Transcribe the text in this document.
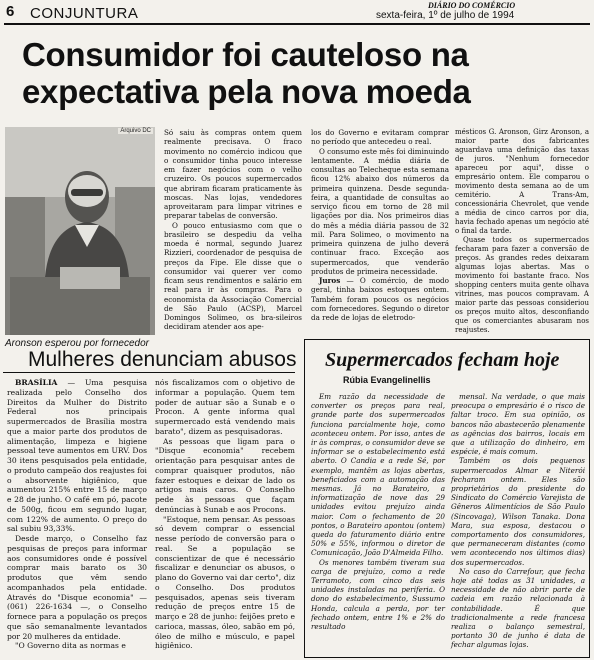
6 CONJUNTURA	DIÁRIO DO COMÉRCIO
sexta-feira, 1º de julho de 1994
Consumidor foi cauteloso na expectativa pela nova moeda
Arquivo DC
Aronson esperou por fornecedor

Só saiu às compras ontem quem realmente precisava. O fraco movimento no comércio indicou que o consumidor tinha pouco interesse em fazer negócios com o velho cruzeiro. Os poucos supermercados que abriram ficaram praticamente às moscas. Nas lojas, vendedores aproveitaram para limpar vitrines e preparar tabelas de conversão.

O pouco entusiasmo com que o brasileiro se despediu da velha moeda é normal, segundo Juarez Rizzieri, coordenador de pesquisa de preços da Fipe. Ele disse que o consumidor vai querer ver como ficam seus rendimentos e salário em real para ir às compras. Para o economista da Associação Comercial de São Paulo (ACSP), Marcel Domingos Solimeo, os bra-sileiros decidiram atender aos ape-

los do Governo e evitaram comprar no período que antecedeu o real.

O consumo este mês foi diminuindo lentamente. A média diária de consultas ao Telecheque esta semana ficou 12% abaixo dos números da primeira quinzena. Desde segunda-feira, a quantidade de consultas ao serviço ficou em torno de 28 mil ligações por dia. Nos primeiros dias do mês a média diária passou de 32 mil. Para Solimeo, o movimento na primeira quinzena de julho deverá continuar fraco. Exceção aos supermercados, que venderão produtos de primeira necessidade.

Juros — O comércio, de modo geral, tinha baixos estoques ontem. Também foram poucos os negócios com fornecedores. Segundo o diretor da rede de lojas de eletrodo-

mésticos G. Aronson, Girz Aronson, a maior parte dos fabricantes aguardava uma definição das taxas de juros. "Nenhum fornecedor apareceu por aqui", disse o empresário ontem. Ele comparou o movimento desta semana ao de um cemitério. A Trans-Am, concessionária Chevrolet, que vende a média de cinco carros por dia, havia fechado apenas um negócio até o final da tarde.

Quase todos os supermercados fecharam para fazer a conversão de preços. As grandes redes deixaram algumas lojas abertas. Mas o movimento foi bastante fraco. Nos shopping centers muita gente olhava vitrines, mas poucos compravam. A maior parte das pessoas consideriou os preços muito altos, desconfiando que os comerciantes abusaram nos reajustes.

Mulheres denunciam abusos

BRASÍLIA — Uma pesquisa realizada pelo Conselho dos Direitos da Mulher do Distrito Federal nos principais supermercados de Brasília mostra que a maior parte dos produtos de alimentação, limpeza e higiene pessoal teve aumentos em URV. Dos 30 itens pesquisados pela entidade, o produto campeão dos reajustes foi o absorvente higiênico, que aumentou 215% entre 15 de março e 28 de junho. O café em pó, pacote de 500g, ficou em segundo lugar, com 122% de aumento. O preço do sal subiu 93,33%.

Desde março, o Conselho faz pesquisas de preços para informar aos consumidores onde é possível comprar mais barato os 30 produtos que vêm sendo acompanhados pela entidade. Através do "Disque economia" — (061) 226-1634 —, o Conselho fornece para a população os preços que são semanalmente levantados por 20 mulheres da entidade.

"O Governo dita as normas e

nós fiscalizamos com o objetivo de informar a população. Quem tem poder de autuar são a Sunab e o Procon. A gente informa qual supermercado está vendendo mais barato", dizem as pesquisadoras.

As pessoas que ligam para o "Disque economia" recebem orientação para pesquisar antes de comprar quaisquer produtos, não fazer estoques e deixar de lado os artigos mais caros. O Conselho pede às pessoas que façam denúncias à Sunab e aos Procons.

"Estoque, nem pensar. As pessoas só devem comprar o essencial nesse período de conversão para o real. Se a população se conscientizar de que é necessário fiscalizar e denunciar os abusos, o plano do Governo vai dar certo", diz o Conselho. Dos produtos pesquisados, apenas seis tiveram redução de preços entre 15 de março e 28 de junho: feijões preto e carioca, massas, óleo, sabão em pó, óleo de milho e músculo, e papel higiênico.

Supermercados fecham hoje
Rúbia Evangelinellis

Em razão da necessidade de converter os preços para real, grande parte dos supermercados funciona parcialmente hoje, como aconteceu ontem. Por isso, antes de ir às compras, o consumidor deve se informar se o estabelecimento está aberto. O Candia e a rede Sé, por exemplo, mantêm as lojas abertas, beneficiados com a automação das mesmas. Já no Barateiro, a informatização de nove das 29 unidades evitou prejuízo ainda maior. Com o fechamento de 20 pontos, o Barateiro apontou (ontem) queda do faturamento diário entre 50% e 55%, informou o diretor de Comunicação, João D'Almeida Filho.

Os menores também tiveram sua carga de prejuízo, como a rede Terramoto, com cinco das seis unidades instaladas na periferia. O dono do estabelecimento, Sussumo Honda, calcula a perda, por ter fechado ontem, entre 1% e 2% do resultado

mensal. Na verdade, o que mais preocupa o empresário é o risco de faltar troco. Em sua opinião, os bancos não abastecerão plenamente as agências dos bairros, locais em que a utilização do dinheiro, em espécie, é mais comum.

Também os dois pequenos supermercados Almar e Niterói fecharam ontem. Eles são proprietários do presidente do Sindicato do Comércio Varejista de Gêneros Alimentícios de São Paulo (Sincovaga), Wilson Tanaka. Dona Mara, sua esposa, destacou o comportamento dos consumidores, que permaneceram distantes (como vem acontecendo nos últimos dias) dos supermercados.

No caso do Carrefour, que fecha hoje até todas as 31 unidades, a necessidade de não abrir parte de cadeia em razão relacionada à contabilidade. É que tradicionalmente a rede francesa realiza o balanço semestral, portanto 30 de junho é data de fechar algumas lojas.
